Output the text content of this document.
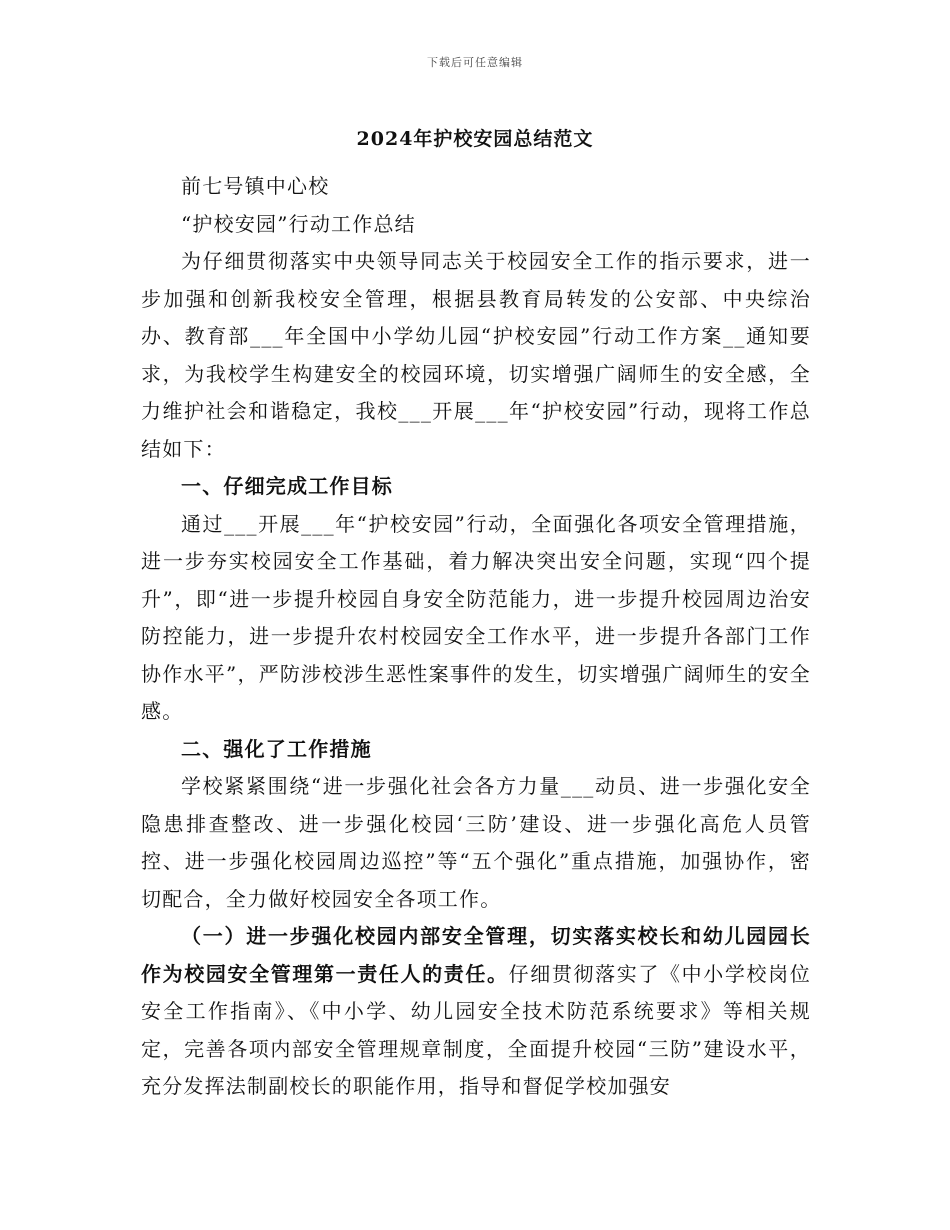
下载后可任意编辑
2024年护校安园总结范文

前七号镇中心校

“护校安园”行动工作总结

为仔细贯彻落实中央领导同志关于校园安全工作的指示要求，进一步加强和创新我校安全管理，根据县教育局转发的公安部、中央综治办、教育部___年全国中小学幼儿园“护校安园”行动工作方案__通知要求，为我校学生构建安全的校园环境，切实增强广阔师生的安全感，全力维护社会和谐稳定，我校___开展___年“护校安园”行动，现将工作总结如下：

一、仔细完成工作目标

通过___开展___年“护校安园”行动，全面强化各项安全管理措施，进一步夯实校园安全工作基础，着力解决突出安全问题，实现“四个提升”，即“进一步提升校园自身安全防范能力，进一步提升校园周边治安防控能力，进一步提升农村校园安全工作水平，进一步提升各部门工作协作水平”，严防涉校涉生恶性案事件的发生，切实增强广阔师生的安全感。

二、强化了工作措施

学校紧紧围绕“进一步强化社会各方力量___动员、进一步强化安全隐患排查整改、进一步强化校园‘三防’建设、进一步强化高危人员管控、进一步强化校园周边巡控”等“五个强化”重点措施，加强协作，密切配合，全力做好校园安全各项工作。

（一）进一步强化校园内部安全管理，切实落实校长和幼儿园园长作为校园安全管理第一责任人的责任。仔细贯彻落实了《中小学校岗位安全工作指南》、《中小学、幼儿园安全技术防范系统要求》等相关规定，完善各项内部安全管理规章制度，全面提升校园“三防”建设水平，充分发挥法制副校长的职能作用，指导和督促学校加强安
